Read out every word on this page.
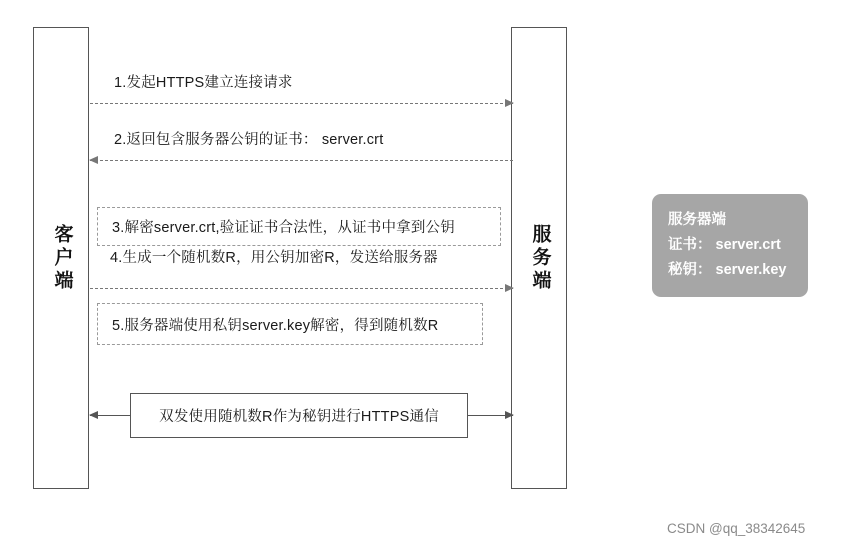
客户端	服务端
1.发起HTTPS建立连接请求
2.返回包含服务器公钥的证书： server.crt
3.解密server.crt,验证证书合法性，从证书中拿到公钥
4.生成一个随机数R，用公钥加密R，发送给服务器
5.服务器端使用私钥server.key解密，得到随机数R
双发使用随机数R作为秘钥进行HTTPS通信
服务器端
证书： server.crt
秘钥： server.key
CSDN @qq_38342645
